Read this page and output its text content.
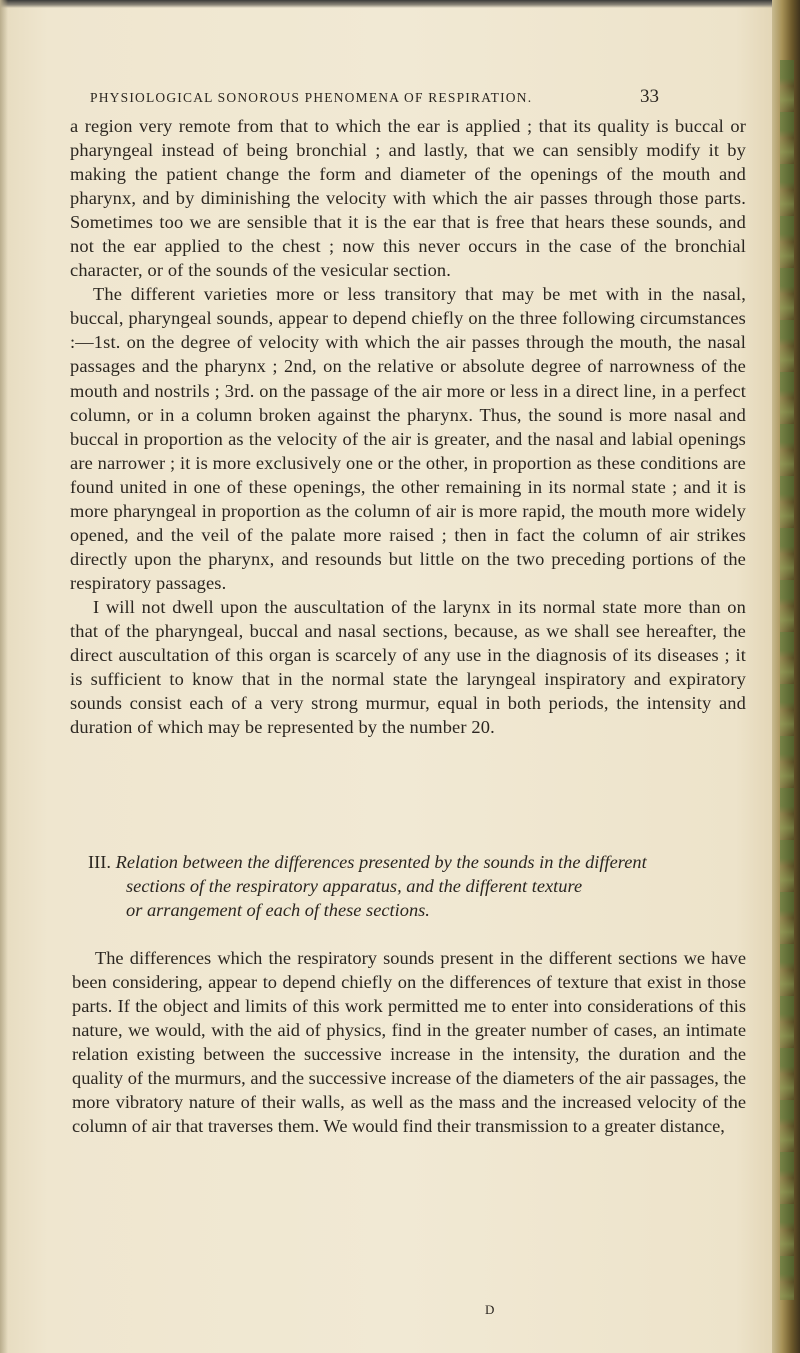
PHYSIOLOGICAL SONOROUS PHENOMENA OF RESPIRATION.	33

a region very remote from that to which the ear is applied ; that its quality is buccal or pharyngeal instead of being bronchial ; and lastly, that we can sensibly modify it by making the patient change the form and diameter of the openings of the mouth and pharynx, and by diminishing the velocity with which the air passes through those parts. Sometimes too we are sensible that it is the ear that is free that hears these sounds, and not the ear applied to the chest ; now this never occurs in the case of the bronchial character, or of the sounds of the vesicular section.

The different varieties more or less transitory that may be met with in the nasal, buccal, pharyngeal sounds, appear to depend chiefly on the three following circumstances :—1st. on the degree of velocity with which the air passes through the mouth, the nasal passages and the pharynx ; 2nd, on the relative or absolute degree of narrowness of the mouth and nostrils ; 3rd. on the passage of the air more or less in a direct line, in a perfect column, or in a column broken against the pharynx. Thus, the sound is more nasal and buccal in proportion as the velocity of the air is greater, and the nasal and labial openings are narrower ; it is more exclusively one or the other, in proportion as these conditions are found united in one of these openings, the other remaining in its normal state ; and it is more pharyngeal in proportion as the column of air is more rapid, the mouth more widely opened, and the veil of the palate more raised ; then in fact the column of air strikes directly upon the pharynx, and resounds but little on the two preceding portions of the respiratory passages.

I will not dwell upon the auscultation of the larynx in its normal state more than on that of the pharyngeal, buccal and nasal sections, because, as we shall see hereafter, the direct auscultation of this organ is scarcely of any use in the diagnosis of its diseases ; it is sufficient to know that in the normal state the laryngeal inspiratory and expiratory sounds consist each of a very strong murmur, equal in both periods, the intensity and duration of which may be represented by the number 20.

III. Relation between the differences presented by the sounds in the different
sections of the respiratory apparatus, and the different texture
or arrangement of each of these sections.

The differences which the respiratory sounds present in the different sections we have been considering, appear to depend chiefly on the differences of texture that exist in those parts. If the object and limits of this work permitted me to enter into considerations of this nature, we would, with the aid of physics, find in the greater number of cases, an intimate relation existing between the successive increase in the intensity, the duration and the quality of the murmurs, and the successive increase of the diameters of the air passages, the more vibratory nature of their walls, as well as the mass and the increased velocity of the column of air that traverses them. We would find their transmission to a greater distance,

D
